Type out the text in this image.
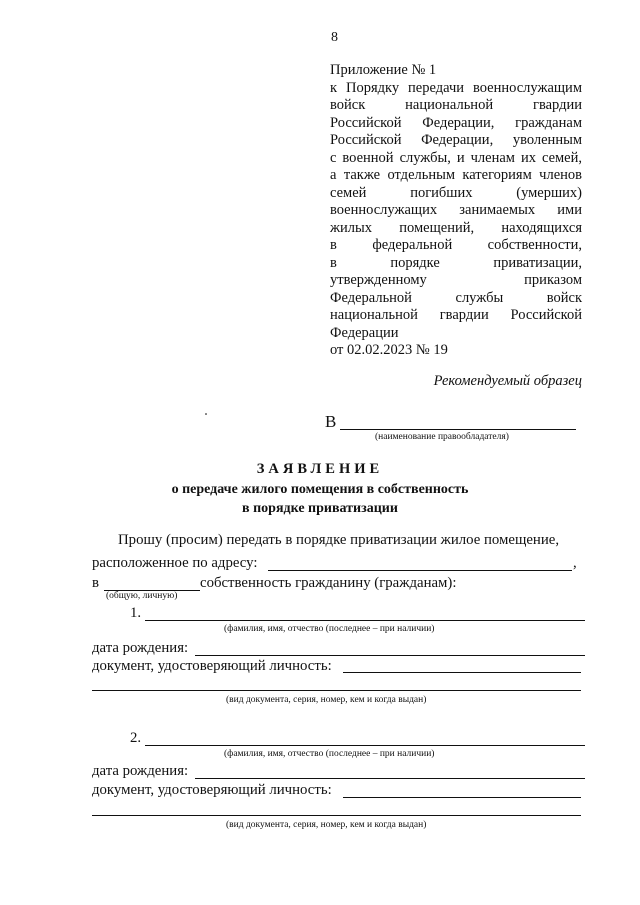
8
Приложение № 1
к Порядку передачи военнослужащим
войск национальной гвардии
Российской Федерации, гражданам
Российской Федерации, уволенным
с военной службы, и членам их семей,
а также отдельным категориям членов
семей погибших (умерших)
военнослужащих занимаемых ими
жилых помещений, находящихся
в федеральной собственности,
в порядке приватизации,
утвержденному приказом
Федеральной службы войск
национальной гвардии Российской
Федерации
от 02.02.2023 № 19
Рекомендуемый образец
В
(наименование правообладателя)
ЗАЯВЛЕНИЕ
о передаче жилого помещения в собственность
в порядке приватизации
Прошу (просим) передать в порядке приватизации жилое помещение,
расположенное по адресу:	,
в	собственность гражданину (гражданам):
(общую, личную)
1.
(фамилия, имя, отчество (последнее – при наличии)
дата рождения:
документ, удостоверяющий личность:
(вид документа, серия, номер, кем и когда выдан)
2.
(фамилия, имя, отчество (последнее – при наличии)
дата рождения:
документ, удостоверяющий личность:
(вид документа, серия, номер, кем и когда выдан)
